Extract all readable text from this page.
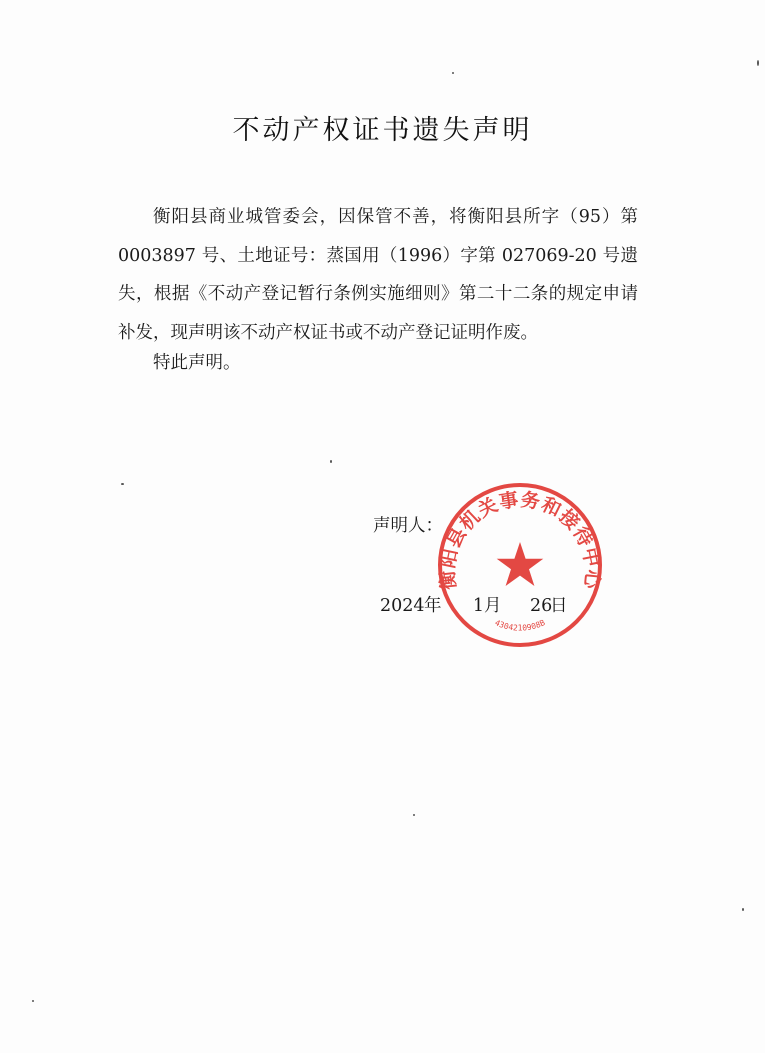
不动产权证书遗失声明

衡阳县商业城管委会，因保管不善，将衡阳县所字（95）第 0003897 号、土地证号：蒸国用（1996）字第 027069-20 号遗失，根据《不动产登记暂行条例实施细则》第二十二条的规定申请补发，现声明该不动产权证书或不动产登记证明作废。

特此声明。
声明人：
2024年 1月 26日
衡阳县机关事务和接待中心
4304210908B
